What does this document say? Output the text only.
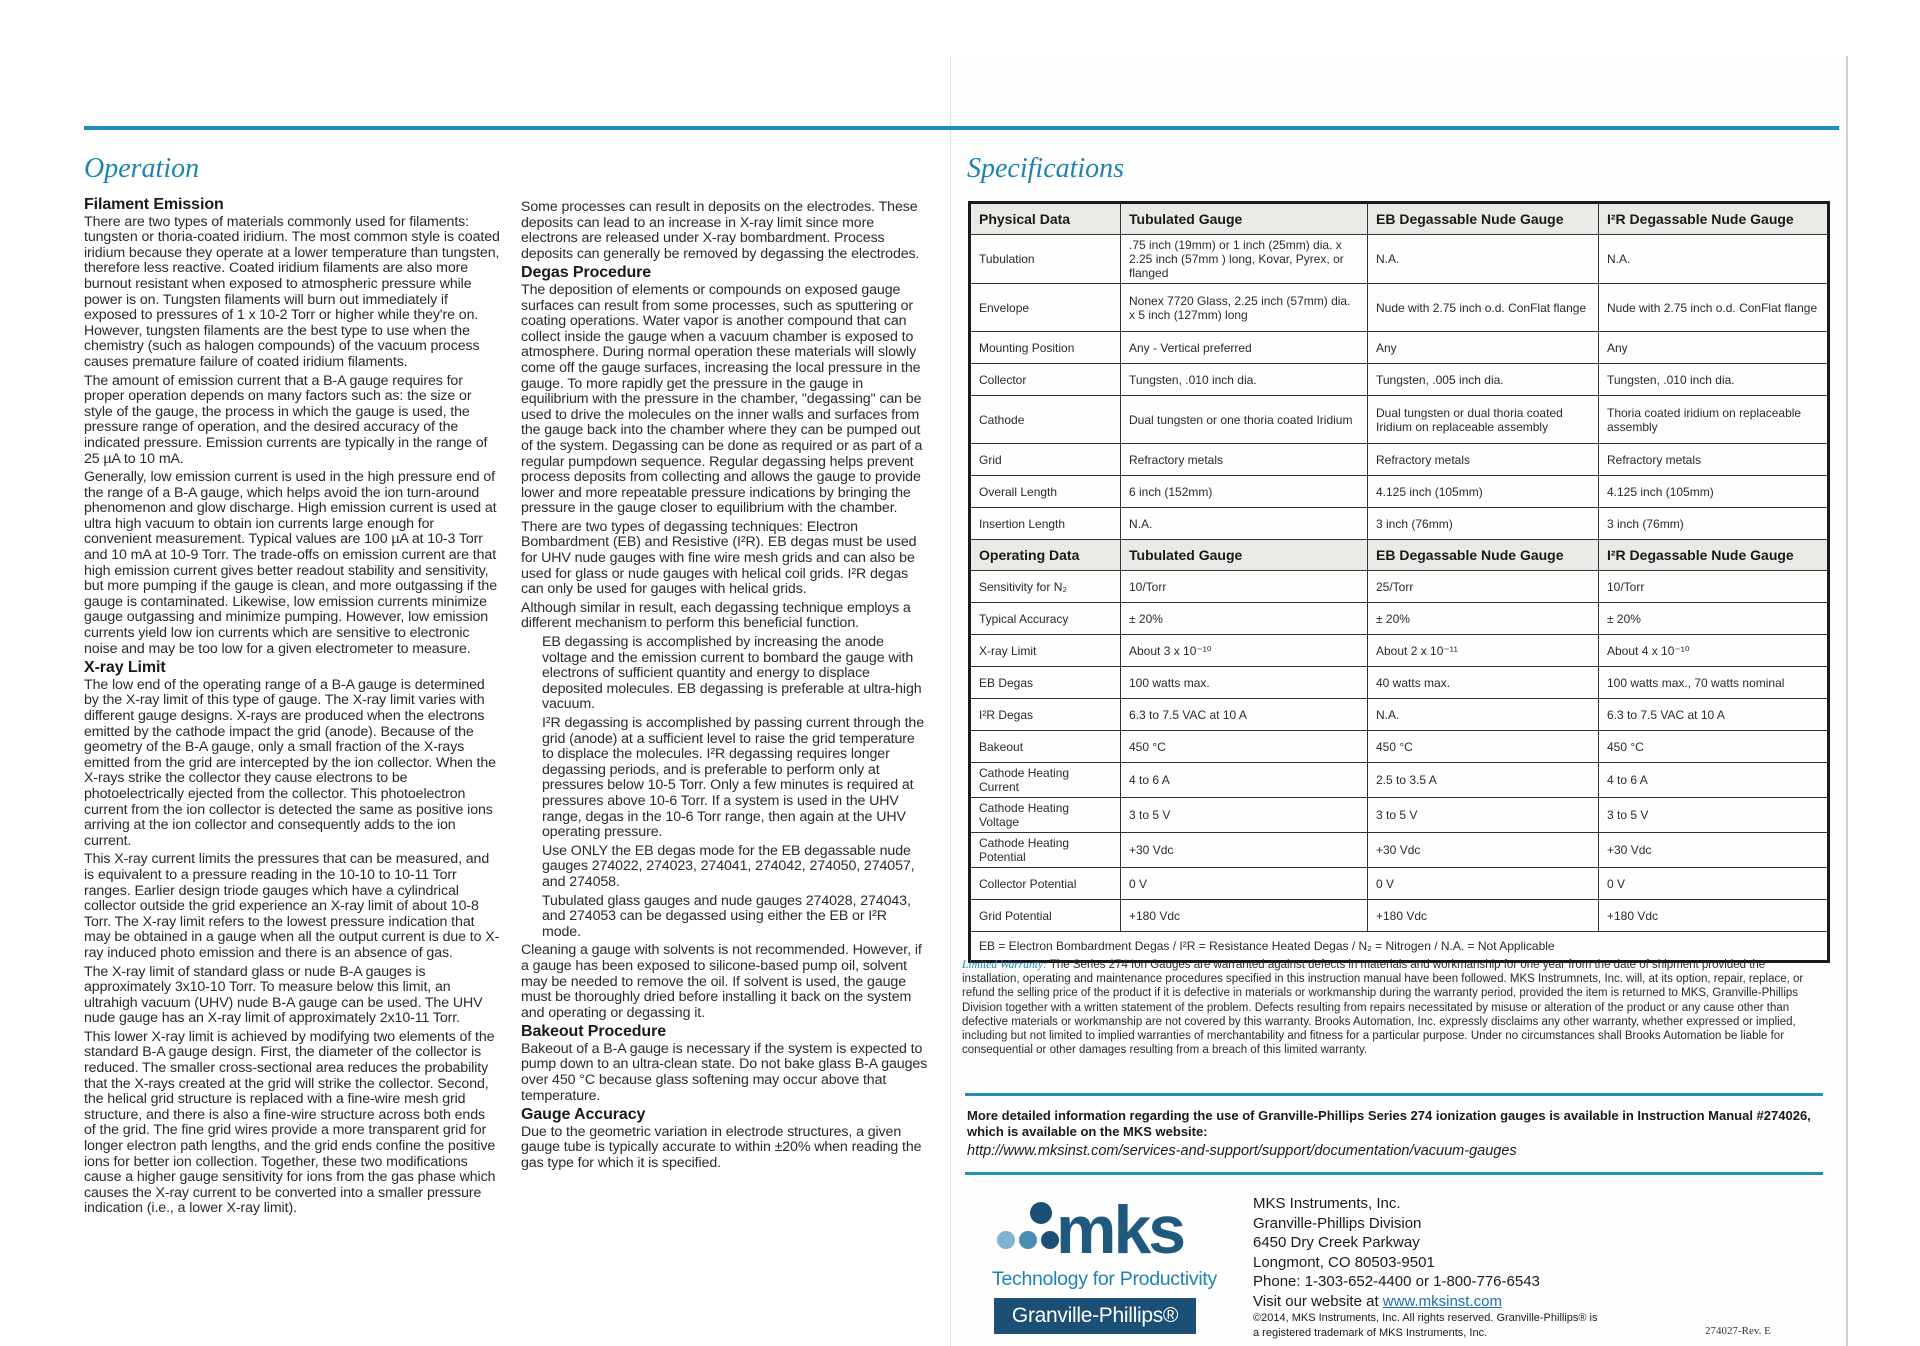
Operation
Filament Emission

There are two types of materials commonly used for filaments: tungsten or thoria-coated iridium. The most common style is coated iridium because they operate at a lower temperature than tungsten, therefore less reactive. Coated iridium filaments are also more burnout resistant when exposed to atmospheric pressure while power is on. Tungsten filaments will burn out immediately if exposed to pressures of 1 x 10-2 Torr or higher while they're on. However, tungsten filaments are the best type to use when the chemistry (such as halogen compounds) of the vacuum process causes premature failure of coated iridium filaments.

The amount of emission current that a B-A gauge requires for proper operation depends on many factors such as: the size or style of the gauge, the process in which the gauge is used, the pressure range of operation, and the desired accuracy of the indicated pressure. Emission currents are typically in the range of 25 µA to 10 mA.

Generally, low emission current is used in the high pressure end of the range of a B-A gauge, which helps avoid the ion turn-around phenomenon and glow discharge. High emission current is used at ultra high vacuum to obtain ion currents large enough for convenient measurement. Typical values are 100 µA at 10-3 Torr and 10 mA at 10-9 Torr. The trade-offs on emission current are that high emission current gives better readout stability and sensitivity, but more pumping if the gauge is clean, and more outgassing if the gauge is contaminated. Likewise, low emission currents minimize gauge outgassing and minimize pumping. However, low emission currents yield low ion currents which are sensitive to electronic noise and may be too low for a given electrometer to measure.

X-ray Limit

The low end of the operating range of a B-A gauge is determined by the X-ray limit of this type of gauge. The X-ray limit varies with different gauge designs. X-rays are produced when the electrons emitted by the cathode impact the grid (anode). Because of the geometry of the B-A gauge, only a small fraction of the X-rays emitted from the grid are intercepted by the ion collector. When the X-rays strike the collector they cause electrons to be photoelectrically ejected from the collector. This photoelectron current from the ion collector is detected the same as positive ions arriving at the ion collector and consequently adds to the ion current.

This X-ray current limits the pressures that can be measured, and is equivalent to a pressure reading in the 10-10 to 10-11 Torr ranges. Earlier design triode gauges which have a cylindrical collector outside the grid experience an X-ray limit of about 10-8 Torr. The X-ray limit refers to the lowest pressure indication that may be obtained in a gauge when all the output current is due to X-ray induced photo emission and there is an absence of gas.

The X-ray limit of standard glass or nude B-A gauges is approximately 3x10-10 Torr. To measure below this limit, an ultrahigh vacuum (UHV) nude B-A gauge can be used. The UHV nude gauge has an X-ray limit of approximately 2x10-11 Torr.

This lower X-ray limit is achieved by modifying two elements of the standard B-A gauge design. First, the diameter of the collector is reduced. The smaller cross-sectional area reduces the probability that the X-rays created at the grid will strike the collector. Second, the helical grid structure is replaced with a fine-wire mesh grid structure, and there is also a fine-wire structure across both ends of the grid. The fine grid wires provide a more transparent grid for longer electron path lengths, and the grid ends confine the positive ions for better ion collection. Together, these two modifications cause a higher gauge sensitivity for ions from the gas phase which causes the X-ray current to be converted into a smaller pressure indication (i.e., a lower X-ray limit).

Some processes can result in deposits on the electrodes. These deposits can lead to an increase in X-ray limit since more electrons are released under X-ray bombardment. Process deposits can generally be removed by degassing the electrodes.

Degas Procedure

The deposition of elements or compounds on exposed gauge surfaces can result from some processes, such as sputtering or coating operations. Water vapor is another compound that can collect inside the gauge when a vacuum chamber is exposed to atmosphere. During normal operation these materials will slowly come off the gauge surfaces, increasing the local pressure in the gauge. To more rapidly get the pressure in the gauge in equilibrium with the pressure in the chamber, "degassing" can be used to drive the molecules on the inner walls and surfaces from the gauge back into the chamber where they can be pumped out of the system. Degassing can be done as required or as part of a regular pumpdown sequence. Regular degassing helps prevent process deposits from collecting and allows the gauge to provide lower and more repeatable pressure indications by bringing the pressure in the gauge closer to equilibrium with the chamber.

There are two types of degassing techniques: Electron Bombardment (EB) and Resistive (I²R). EB degas must be used for UHV nude gauges with fine wire mesh grids and can also be used for glass or nude gauges with helical coil grids. I²R degas can only be used for gauges with helical grids.

Although similar in result, each degassing technique employs a different mechanism to perform this beneficial function.

EB degassing is accomplished by increasing the anode voltage and the emission current to bombard the gauge with electrons of sufficient quantity and energy to displace deposited molecules. EB degassing is preferable at ultra-high vacuum.

I²R degassing is accomplished by passing current through the grid (anode) at a sufficient level to raise the grid temperature to displace the molecules. I²R degassing requires longer degassing periods, and is preferable to perform only at pressures below 10-5 Torr. Only a few minutes is required at pressures above 10-6 Torr. If a system is used in the UHV range, degas in the 10-6 Torr range, then again at the UHV operating pressure.

Use ONLY the EB degas mode for the EB degassable nude gauges 274022, 274023, 274041, 274042, 274050, 274057, and 274058.

Tubulated glass gauges and nude gauges 274028, 274043, and 274053 can be degassed using either the EB or I²R mode.

Cleaning a gauge with solvents is not recommended. However, if a gauge has been exposed to silicone-based pump oil, solvent may be needed to remove the oil. If solvent is used, the gauge must be thoroughly dried before installing it back on the system and operating or degassing it.

Bakeout Procedure

Bakeout of a B-A gauge is necessary if the system is expected to pump down to an ultra-clean state. Do not bake glass B-A gauges over 450 °C because glass softening may occur above that temperature.

Gauge Accuracy

Due to the geometric variation in electrode structures, a given gauge tube is typically accurate to within ±20% when reading the gas type for which it is specified.

Specifications
Physical Data	Tubulated Gauge	EB Degassable Nude Gauge	I²R Degassable Nude Gauge
Tubulation	.75 inch (19mm) or 1 inch (25mm) dia. x 2.25 inch (57mm ) long, Kovar, Pyrex, or flanged	N.A.	N.A.
Envelope	Nonex 7720 Glass, 2.25 inch (57mm) dia. x 5 inch (127mm) long	Nude with 2.75 inch o.d. ConFlat flange	Nude with 2.75 inch o.d. ConFlat flange
Mounting Position	Any - Vertical preferred	Any	Any
Collector	Tungsten, .010 inch dia.	Tungsten, .005 inch dia.	Tungsten, .010 inch dia.
Cathode	Dual tungsten or one thoria coated Iridium	Dual tungsten or dual thoria coated Iridium on replaceable assembly	Thoria coated iridium on replaceable assembly
Grid	Refractory metals	Refractory metals	Refractory metals
Overall Length	6 inch (152mm)	4.125 inch (105mm)	4.125 inch (105mm)
Insertion Length	N.A.	3 inch (76mm)	3 inch (76mm)
Operating Data	Tubulated Gauge	EB Degassable Nude Gauge	I²R Degassable Nude Gauge
Sensitivity for N₂	10/Torr	25/Torr	10/Torr
Typical Accuracy	± 20%	± 20%	± 20%
X-ray Limit	About 3 x 10⁻¹⁰	About 2 x 10⁻¹¹	About 4 x 10⁻¹⁰
EB Degas	100 watts max.	40 watts max.	100 watts max., 70 watts nominal
I²R Degas	6.3 to 7.5 VAC at 10 A	N.A.	6.3 to 7.5 VAC at 10 A
Bakeout	450 °C	450 °C	450 °C
Cathode Heating Current	4 to 6 A	2.5 to 3.5 A	4 to 6 A
Cathode Heating Voltage	3 to 5 V	3 to 5 V	3 to 5 V
Cathode Heating Potential	+30 Vdc	+30 Vdc	+30 Vdc
Collector Potential	0 V	0 V	0 V
Grid Potential	+180 Vdc	+180 Vdc	+180 Vdc
EB = Electron Bombardment Degas / I²R = Resistance Heated Degas / N₂ = Nitrogen / N.A. = Not Applicable			
Limited Warranty: The Series 274 Ion Gauges are warranted against defects in materials and workmanship for one year from the date of shipment provided the installation, operating and maintenance procedures specified in this instruction manual have been followed. MKS Instrumnets, Inc. will, at its option, repair, replace, or refund the selling price of the product if it is defective in materials or workmanship during the warranty period, provided the item is returned to MKS, Granville-Phillips Division together with a written statement of the problem. Defects resulting from repairs necessitated by misuse or alteration of the product or any cause other than defective materials or workmanship are not covered by this warranty. Brooks Automation, Inc. expressly disclaims any other warranty, whether expressed or implied, including but not limited to implied warranties of merchantability and fitness for a particular purpose. Under no circumstances shall Brooks Automation be liable for consequential or other damages resulting from a breach of this limited warranty.
More detailed information regarding the use of Granville-Phillips Series 274 ionization gauges is available in Instruction Manual #274026, which is available on the MKS website:
http://www.mksinst.com/services-and-support/support/documentation/vacuum-gauges
mks
Technology for Productivity
Granville-Phillips®
MKS Instruments, Inc.
Granville-Phillips Division
6450 Dry Creek Parkway
Longmont, CO 80503-9501
Phone: 1-303-652-4400 or 1-800-776-6543
Visit our website at www.mksinst.com
©2014, MKS Instruments, Inc. All rights reserved. Granville-Phillips® is
a registered trademark of MKS Instruments, Inc.	274027-Rev. E
